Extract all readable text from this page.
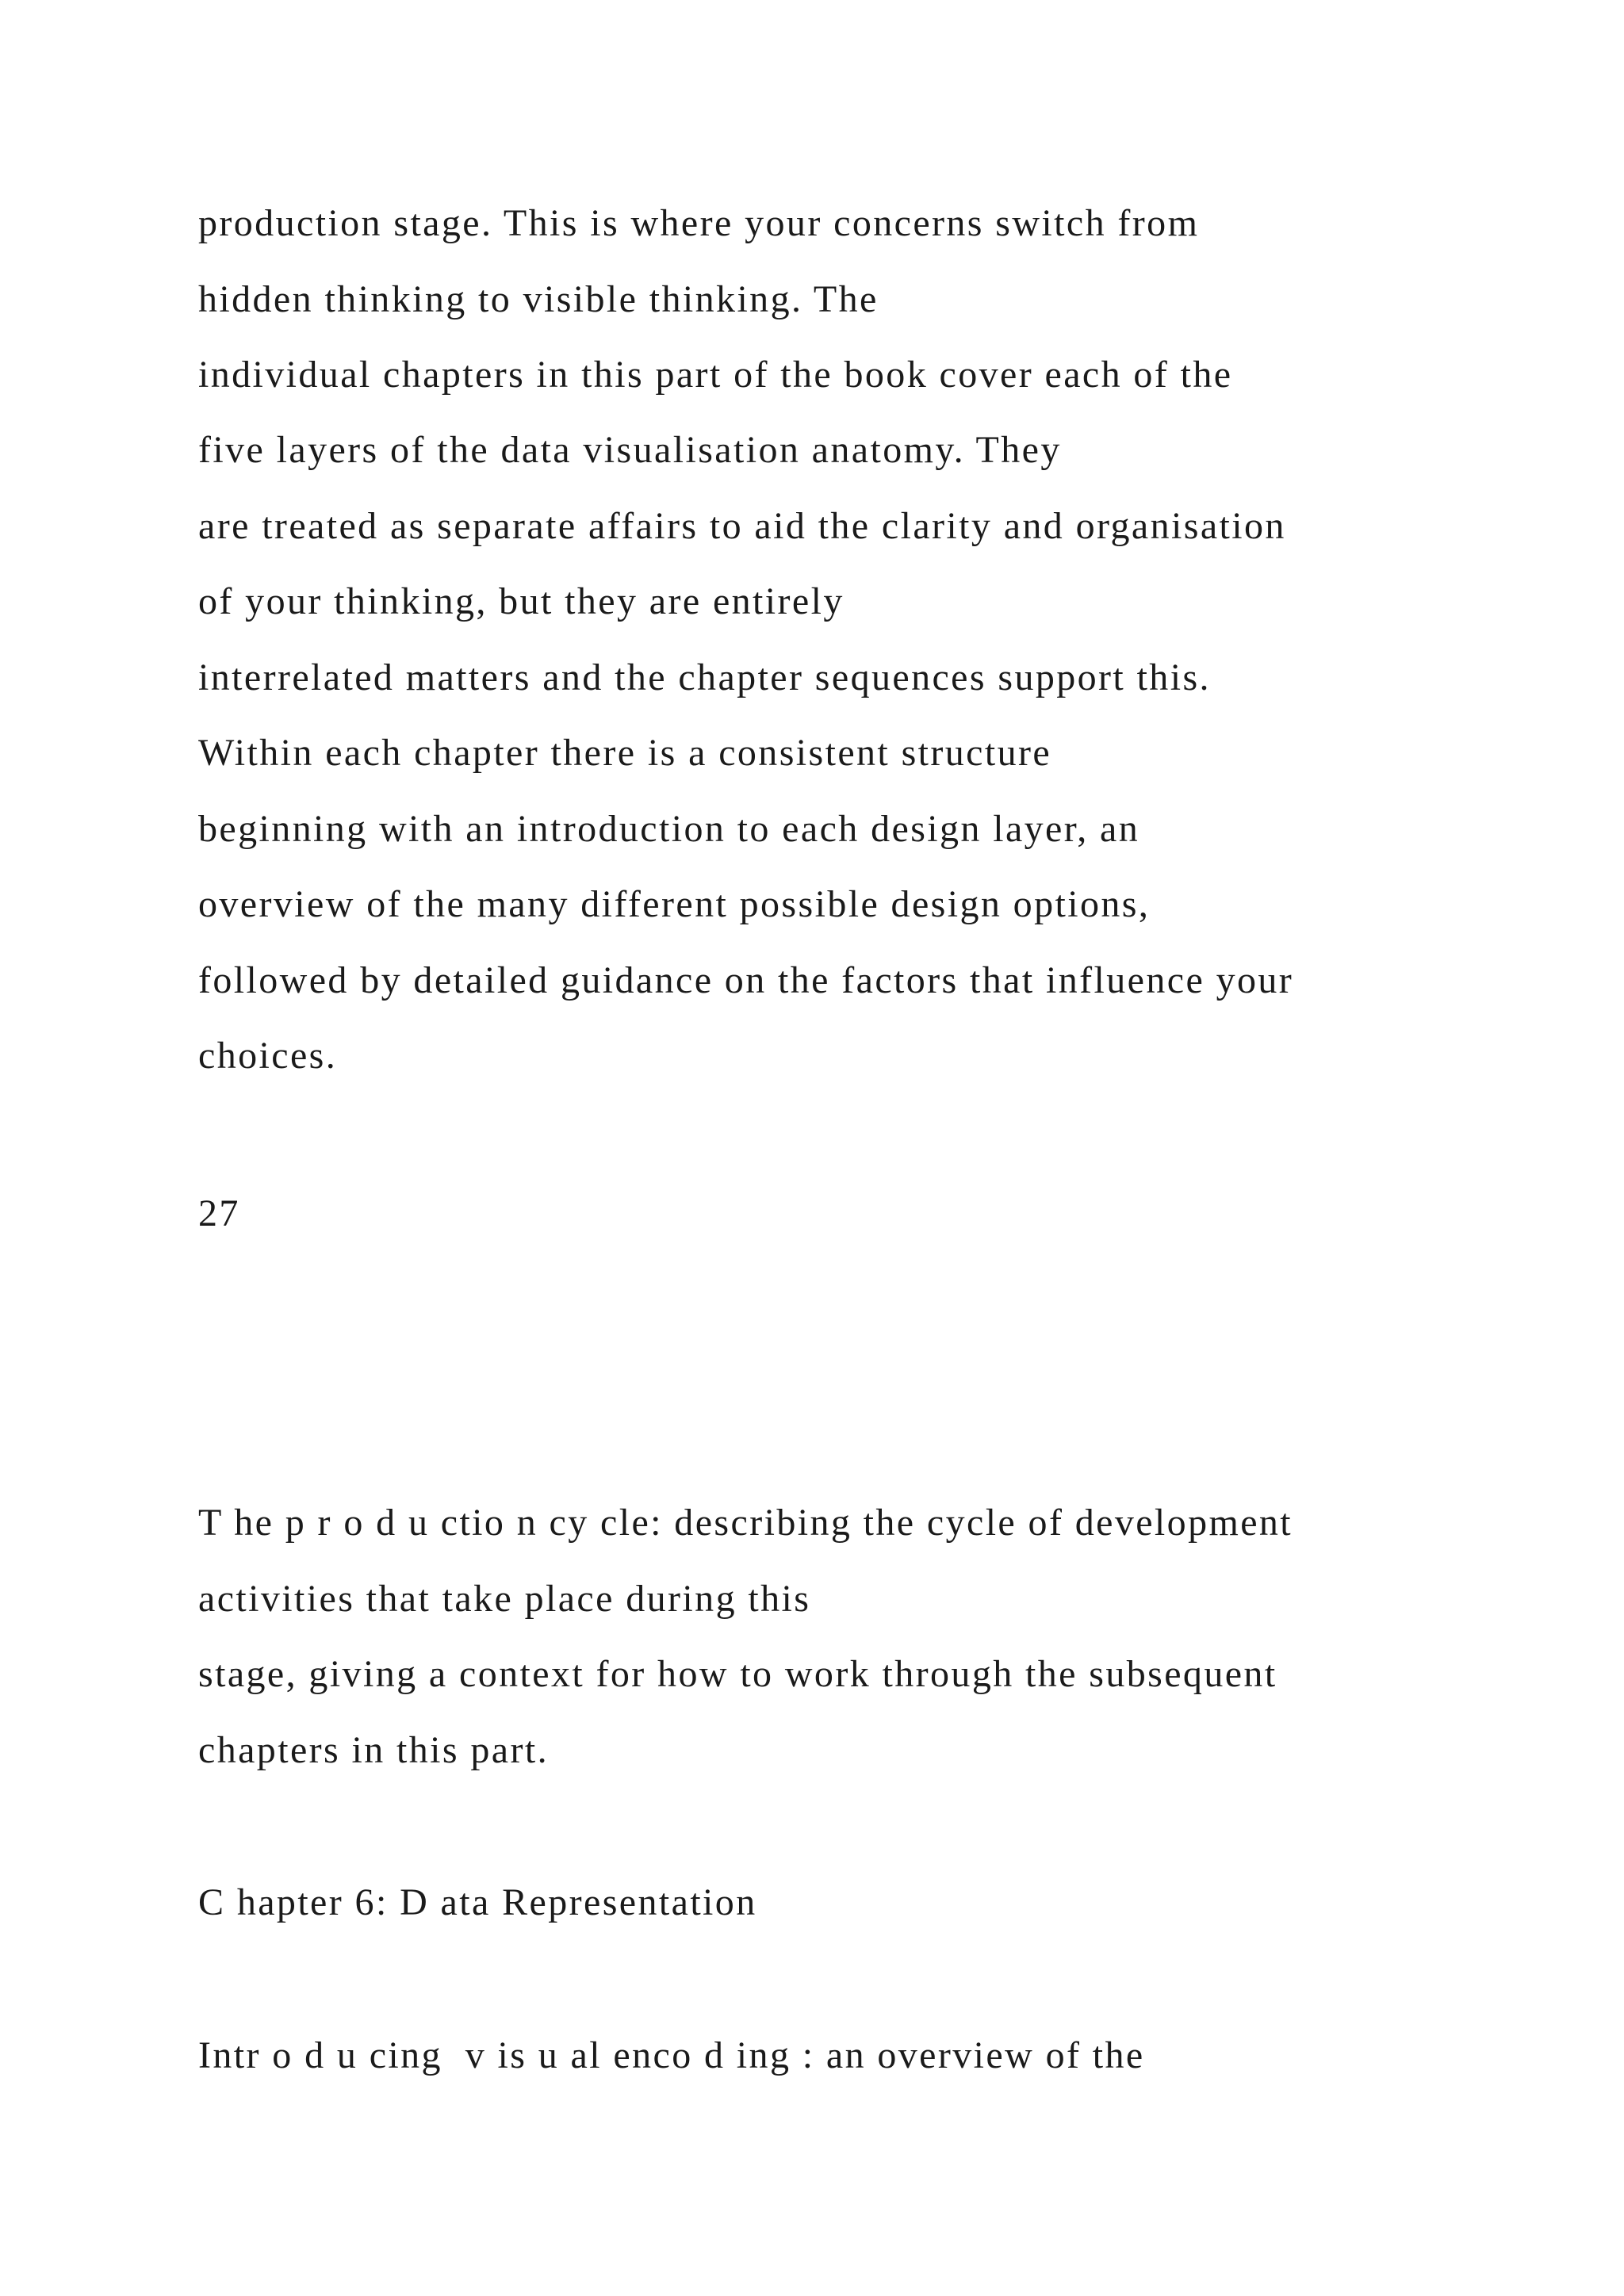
production stage. This is where your concerns switch from

hidden thinking to visible thinking. The

individual chapters in this part of the book cover each of the

five layers of the data visualisation anatomy. They

are treated as separate affairs to aid the clarity and organisation

of your thinking, but they are entirely

interrelated matters and the chapter sequences support this.

Within each chapter there is a consistent structure

beginning with an introduction to each design layer, an

overview of the many different possible design options,

followed by detailed guidance on the factors that influence your

choices.

27

T he p r o d u ctio n cy cle: describing the cycle of development

activities that take place during this

stage, giving a context for how to work through the subsequent

chapters in this part.

C hapter 6: D ata Representation

Intr o d u cing  v is u al enco d ing : an overview of the
